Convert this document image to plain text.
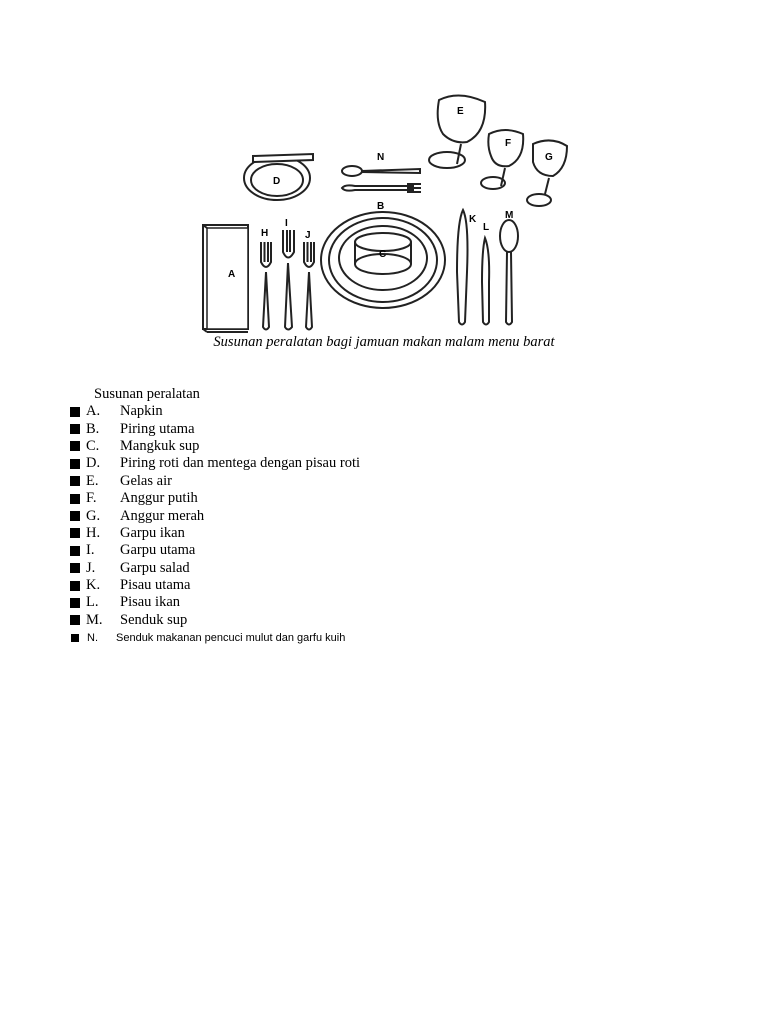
A
B
C
D
E
F
G
H
I
J
K
L
M
N
Susunan peralatan bagi jamuan makan malam menu barat
Susunan peralatan
A.	Napkin
B.	Piring utama
C.	Mangkuk sup
D.	Piring roti dan mentega dengan pisau roti
E.	Gelas air
F.	Anggur putih
G.	Anggur merah
H.	Garpu ikan
I.	Garpu utama
J.	Garpu salad
K.	Pisau utama
L.	Pisau ikan
M.	Senduk sup
N.	Senduk makanan pencuci mulut dan garfu kuih
